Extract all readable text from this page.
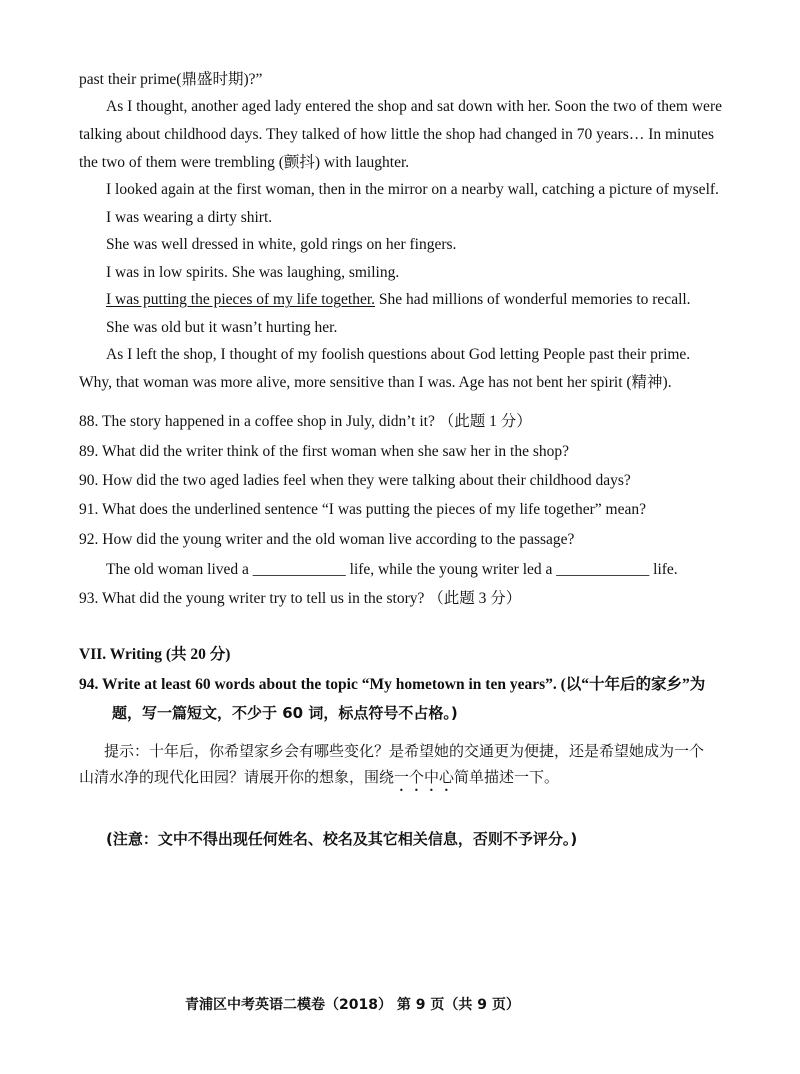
past their prime(鼎盛时期)?”
As I thought, another aged lady entered the shop and sat down with her. Soon the two of them were
talking about childhood days. They talked of how little the shop had changed in 70 years… In minutes
the two of them were trembling (颤抖) with laughter.
I looked again at the first woman, then in the mirror on a nearby wall, catching a picture of myself.
I was wearing a dirty shirt.
She was well dressed in white, gold rings on her fingers.
I was in low spirits. She was laughing, smiling.
I was putting the pieces of my life together. She had millions of wonderful memories to recall.
She was old but it wasn’t hurting her.
As I left the shop, I thought of my foolish questions about God letting People past their prime.
Why, that woman was more alive, more sensitive than I was. Age has not bent her spirit (精神).
88. The story happened in a coffee shop in July, didn’t it? （此题 1 分）
89. What did the writer think of the first woman when she saw her in the shop?
90. How did the two aged ladies feel when they were talking about their childhood days?
91. What does the underlined sentence “I was putting the pieces of my life together” mean?
92. How did the young writer and the old woman live according to the passage?
The old woman lived a ____________ life, while the young writer led a ____________ life.
93. What did the young writer try to tell us in the story? （此题 3 分）
VII. Writing (共 20 分)
94. Write at least 60 words about the topic “My hometown in ten years”. (以“十年后的家乡”为
题，写一篇短文，不少于 60 词，标点符号不占格。)
提示：十年后，你希望家乡会有哪些变化？是希望她的交通更为便捷，还是希望她成为一个
山清水净的现代化田园？请展开你的想象，围绕一个中心简单描述一下。
(注意：文中不得出现任何姓名、校名及其它相关信息，否则不予评分。)
青浦区中考英语二模卷（2018） 第 9 页（共 9 页）
